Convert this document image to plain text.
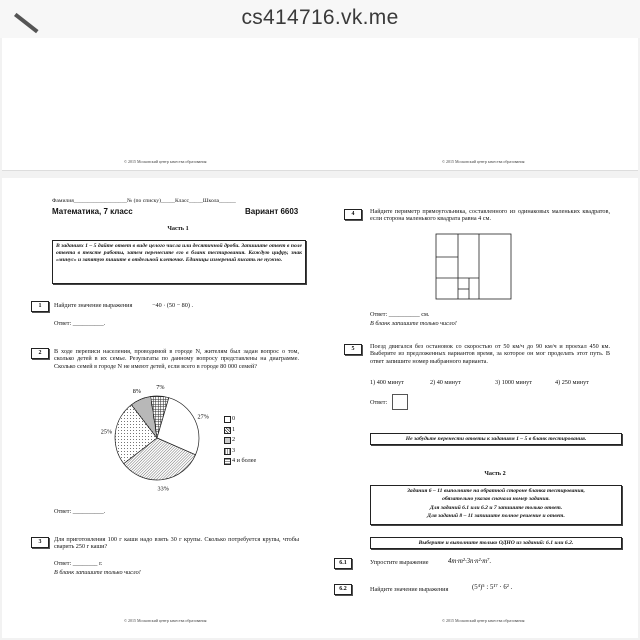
cs414716.vk.me
© 2015 Московский центр качества образования	© 2015 Московский центр качества образования
Фамилия___________________№ (по списку)_____Класс_____Школа______
Математика, 7 класс	Вариант 6603
Часть 1
В заданиях 1 – 5 дайте ответ в виде целого числа или десятичной дроби. Запишите ответ в поле ответа в тексте работы, затем перенесите его в бланк тестирования. Каждую цифру, знак «минус» и запятую пишите в отдельной клеточке. Единицы измерений писать не нужно.
1	Найдите значение выражения	−40 · (50 − 80) .
Ответ: __________.
2	В ходе переписи населения, проводимой в городе N, жителям был задан вопрос о том, сколько детей в их семье. Результаты по данному вопросу представлены на диаграмме. Сколько семей в городе N не имеют детей, если всего в городе 80 000 семей?
7%
27%
33%
25%
8%
0
1
2
3
4 и более
Ответ: __________.
3	Для приготовления 100 г каши надо взять 30 г крупы. Сколько потребуется крупы, чтобы сварить 250 г каши?
Ответ: ________ г.
В бланк запишите только число!
© 2015 Московский центр качества образования
4	Найдите периметр прямоугольника, составленного из одинаковых маленьких квадратов, если сторона маленького квадрата равна 4 см.
Ответ: __________ см.
В бланк запишите только число!
5	Поезд двигался без остановок со скоростью от 50 км/ч до 90 км/ч и проехал 450 км. Выберите из предложенных вариантов время, за которое он мог проделать этот путь. В ответ запишите номер выбранного варианта.
1) 400 минут	2) 40 минут	3) 1000 минут	4) 250 минут
Ответ:
Не забудьте перенести ответы к заданиям 1 – 5 в бланк тестирования.
Часть 2
Задания 6 – 11 выполните на обратной стороне бланка тестирования,
обязательно указав сначала номер задания.
Для заданий 6.1 или 6.2 и 7 запишите только ответ.
Для заданий 8 – 11 запишите полное решение и ответ.
Выберите и выполните только ОДНО из заданий: 6.1 или 6.2.
6.1	Упростите выражение	4m·m²·3n·n²·m⁷.
6.2	Найдите значение выражения	(5⁴)⁵ : 5¹⁷ · 6² .
© 2015 Московский центр качества образования
